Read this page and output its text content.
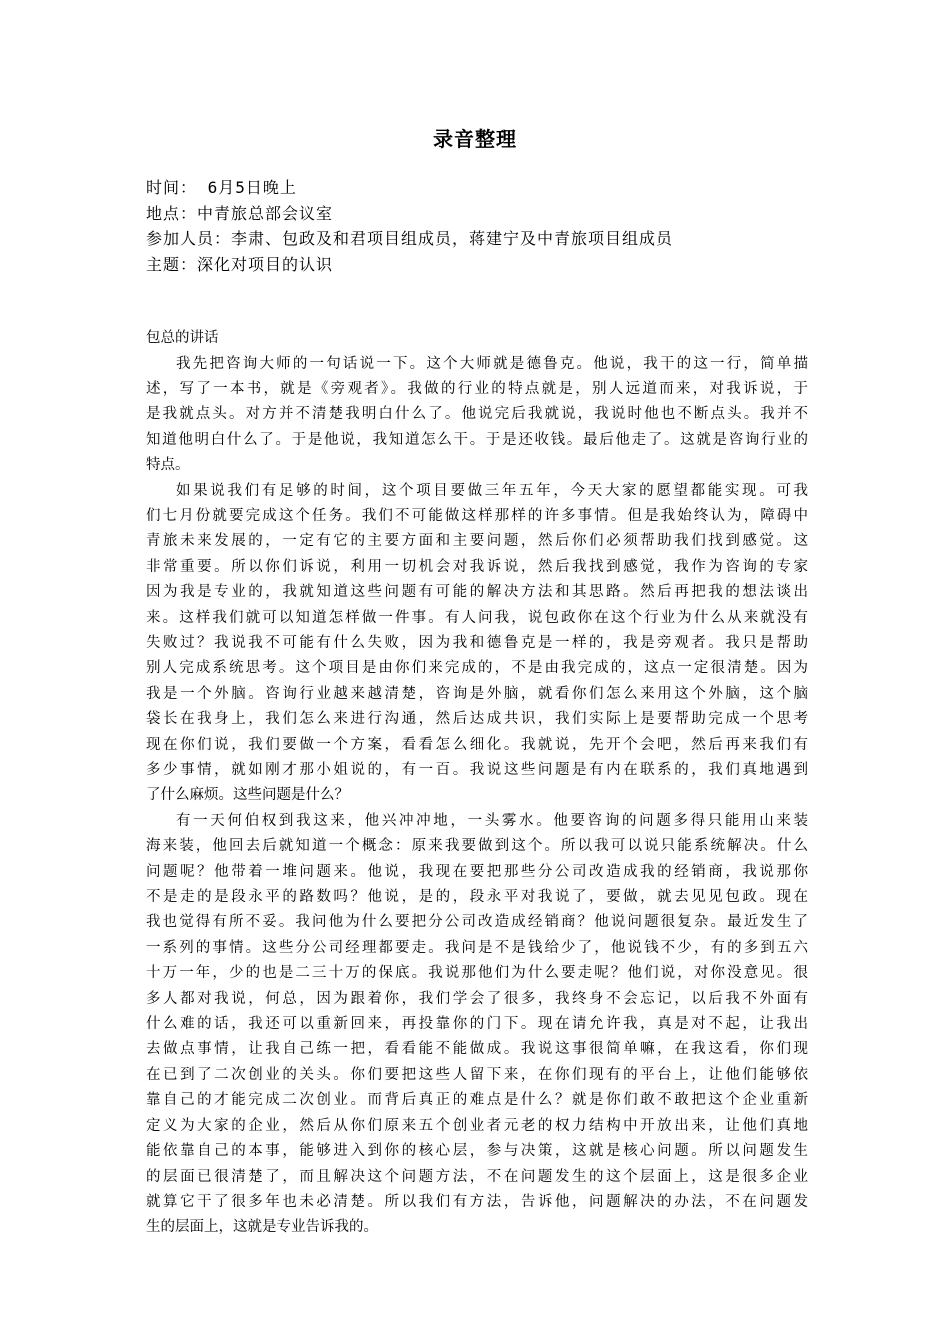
录音整理
时间： 6月5日晚上
地点：中青旅总部会议室
参加人员：李肃、包政及和君项目组成员，蒋建宁及中青旅项目组成员
主题：深化对项目的认识
包总的讲话
我先把咨询大师的一句话说一下。这个大师就是德鲁克。他说，我干的这一行，简单描
述，写了一本书，就是《旁观者》。我做的行业的特点就是，别人远道而来，对我诉说，于
是我就点头。对方并不清楚我明白什么了。他说完后我就说，我说时他也不断点头。我并不
知道他明白什么了。于是他说，我知道怎么干。于是还收钱。最后他走了。这就是咨询行业的
特点。
如果说我们有足够的时间，这个项目要做三年五年，今天大家的愿望都能实现。可我
们七月份就要完成这个任务。我们不可能做这样那样的许多事情。但是我始终认为，障碍中
青旅未来发展的，一定有它的主要方面和主要问题，然后你们必须帮助我们找到感觉。这
非常重要。所以你们诉说，利用一切机会对我诉说，然后我找到感觉，我作为咨询的专家
因为我是专业的，我就知道这些问题有可能的解决方法和其思路。然后再把我的想法谈出
来。这样我们就可以知道怎样做一件事。有人问我，说包政你在这个行业为什么从来就没有
失败过？我说我不可能有什么失败，因为我和德鲁克是一样的，我是旁观者。我只是帮助
别人完成系统思考。这个项目是由你们来完成的，不是由我完成的，这点一定很清楚。因为
我是一个外脑。咨询行业越来越清楚，咨询是外脑，就看你们怎么来用这个外脑，这个脑
袋长在我身上，我们怎么来进行沟通，然后达成共识，我们实际上是要帮助完成一个思考
现在你们说，我们要做一个方案，看看怎么细化。我就说，先开个会吧，然后再来我们有
多少事情，就如刚才那小姐说的，有一百。我说这些问题是有内在联系的，我们真地遇到
了什么麻烦。这些问题是什么？
有一天何伯权到我这来，他兴冲冲地，一头雾水。他要咨询的问题多得只能用山来装
海来装，他回去后就知道一个概念：原来我要做到这个。所以我可以说只能系统解决。什么
问题呢？他带着一堆问题来。他说，我现在要把那些分公司改造成我的经销商，我说那你
不是走的是段永平的路数吗？他说，是的，段永平对我说了，要做，就去见见包政。现在
我也觉得有所不妥。我问他为什么要把分公司改造成经销商？他说问题很复杂。最近发生了
一系列的事情。这些分公司经理都要走。我问是不是钱给少了，他说钱不少，有的多到五六
十万一年，少的也是二三十万的保底。我说那他们为什么要走呢？他们说，对你没意见。很
多人都对我说，何总，因为跟着你，我们学会了很多，我终身不会忘记，以后我不外面有
什么难的话，我还可以重新回来，再投靠你的门下。现在请允许我，真是对不起，让我出
去做点事情，让我自己练一把，看看能不能做成。我说这事很简单嘛，在我这看，你们现
在已到了二次创业的关头。你们要把这些人留下来，在你们现有的平台上，让他们能够依
靠自己的才能完成二次创业。而背后真正的难点是什么？就是你们敢不敢把这个企业重新
定义为大家的企业，然后从你们原来五个创业者元老的权力结构中开放出来，让他们真地
能依靠自己的本事，能够进入到你的核心层，参与决策，这就是核心问题。所以问题发生
的层面已很清楚了，而且解决这个问题方法，不在问题发生的这个层面上，这是很多企业
就算它干了很多年也未必清楚。所以我们有方法，告诉他，问题解决的办法，不在问题发
生的层面上，这就是专业告诉我的。
